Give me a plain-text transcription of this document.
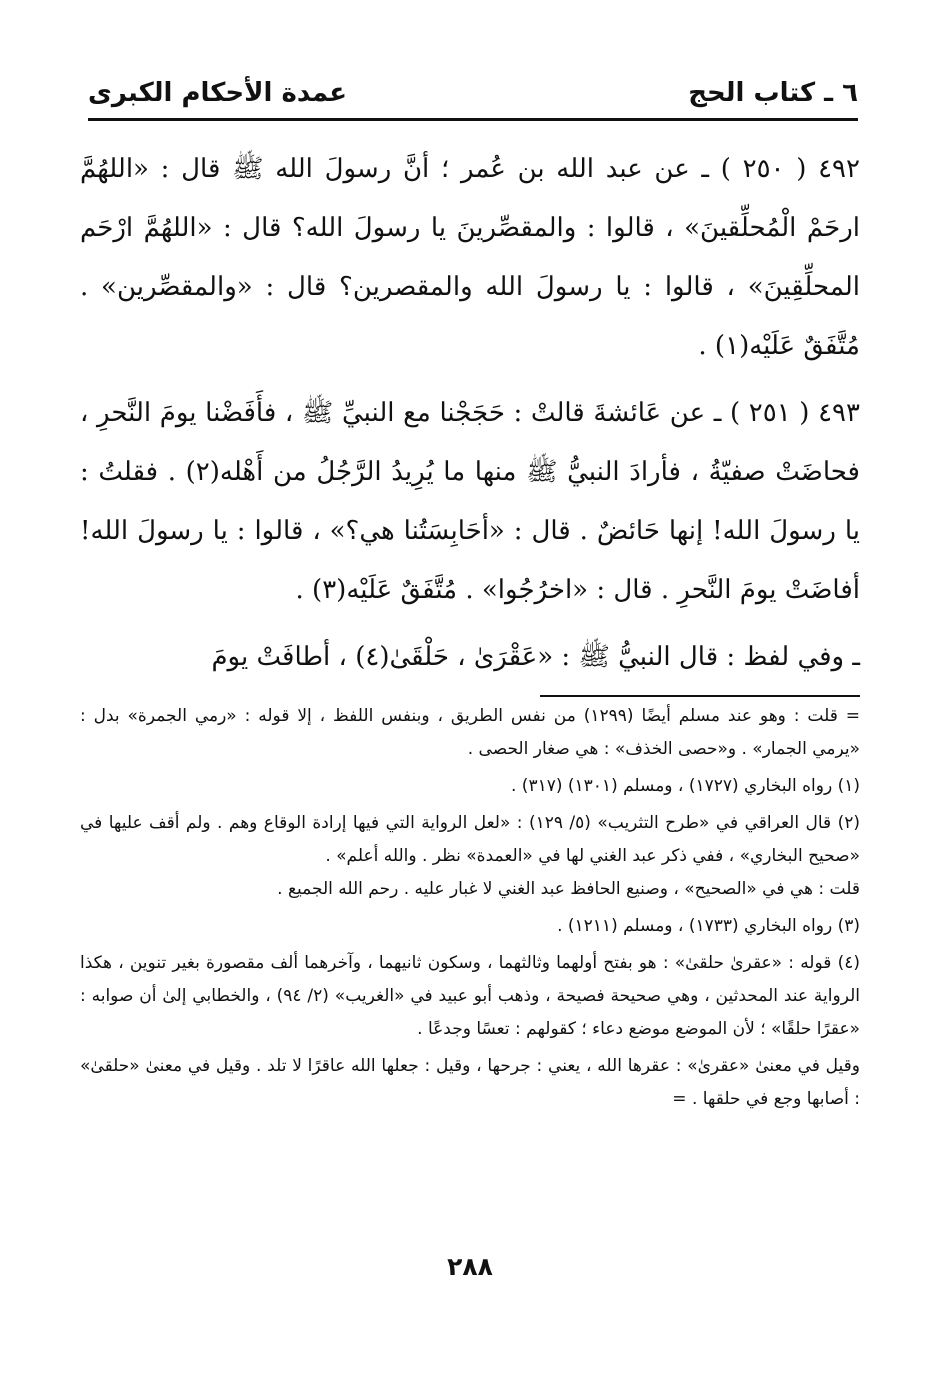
٦ ـ كتاب الحج
عمدة الأحكام الكبرى

٤٩٢ ( ٢٥٠ ) ـ عن عبد الله بن عُمر ؛ أنَّ رسولَ الله ﷺ قال : «اللهُمَّ ارحَمْ الْمُحلِّقينَ» ، قالوا : والمقصِّرينَ يا رسولَ الله؟ قال : «اللهُمَّ ارْحَم المحلِّقِينَ» ، قالوا : يا رسولَ الله والمقصرين؟ قال : «والمقصِّرين» . مُتَّفَقٌ عَلَيْه(١) .

٤٩٣ ( ٢٥١ ) ـ عن عَائشةَ قالتْ : حَجَجْنا مع النبيِّ ﷺ ، فأَفَضْنا يومَ النَّحرِ ، فحاضَتْ صفيّةُ ، فأرادَ النبيُّ ﷺ منها ما يُرِيدُ الرَّجُلُ من أَهْله(٢) . فقلتُ : يا رسولَ الله! إنها حَائضٌ . قال : «أحَابِسَتُنا هي؟» ، قالوا : يا رسولَ الله! أفاضَتْ يومَ النَّحرِ . قال : «اخرُجُوا» . مُتَّفَقٌ عَلَيْه(٣) .

ـ وفي لفظ : قال النبيُّ ﷺ : «عَقْرَىٰ ، حَلْقَىٰ(٤) ، أطافَتْ يومَ

= قلت : وهو عند مسلم أيضًا (١٢٩٩) من نفس الطريق ، وبنفس اللفظ ، إلا قوله : «رمي الجمرة» بدل : «يرمي الجمار» . و«حصى الخذف» : هي صغار الحصى .

(١) رواه البخاري (١٧٢٧) ، ومسلم (١٣٠١) (٣١٧) .

(٢) قال العراقي في «طرح التثريب» (٥/ ١٢٩) : «لعل الرواية التي فيها إرادة الوقاع وهم . ولم أقف عليها في «صحيح البخاري» ، ففي ذكر عبد الغني لها في «العمدة» نظر . والله أعلم» .

قلت : هي في «الصحيح» ، وصنيع الحافظ عبد الغني لا غبار عليه . رحم الله الجميع .

(٣) رواه البخاري (١٧٣٣) ، ومسلم (١٢١١) .

(٤) قوله : «عقرىٰ حلقىٰ» : هو بفتح أولهما وثالثهما ، وسكون ثانيهما ، وآخرهما ألف مقصورة بغير تنوين ، هكذا الرواية عند المحدثين ، وهي صحيحة فصيحة ، وذهب أبو عبيد في «الغريب» (٢/ ٩٤) ، والخطابي إلىٰ أن صوابه : «عقرًا حلقًا» ؛ لأن الموضع موضع دعاء ؛ كقولهم : تعسًا وجدعًا .

وقيل في معنىٰ «عقرىٰ» : عقرها الله ، يعني : جرحها ، وقيل : جعلها الله عاقرًا لا تلد . وقيل في معنىٰ «حلقىٰ» : أصابها وجع في حلقها . =

٢٨٨
